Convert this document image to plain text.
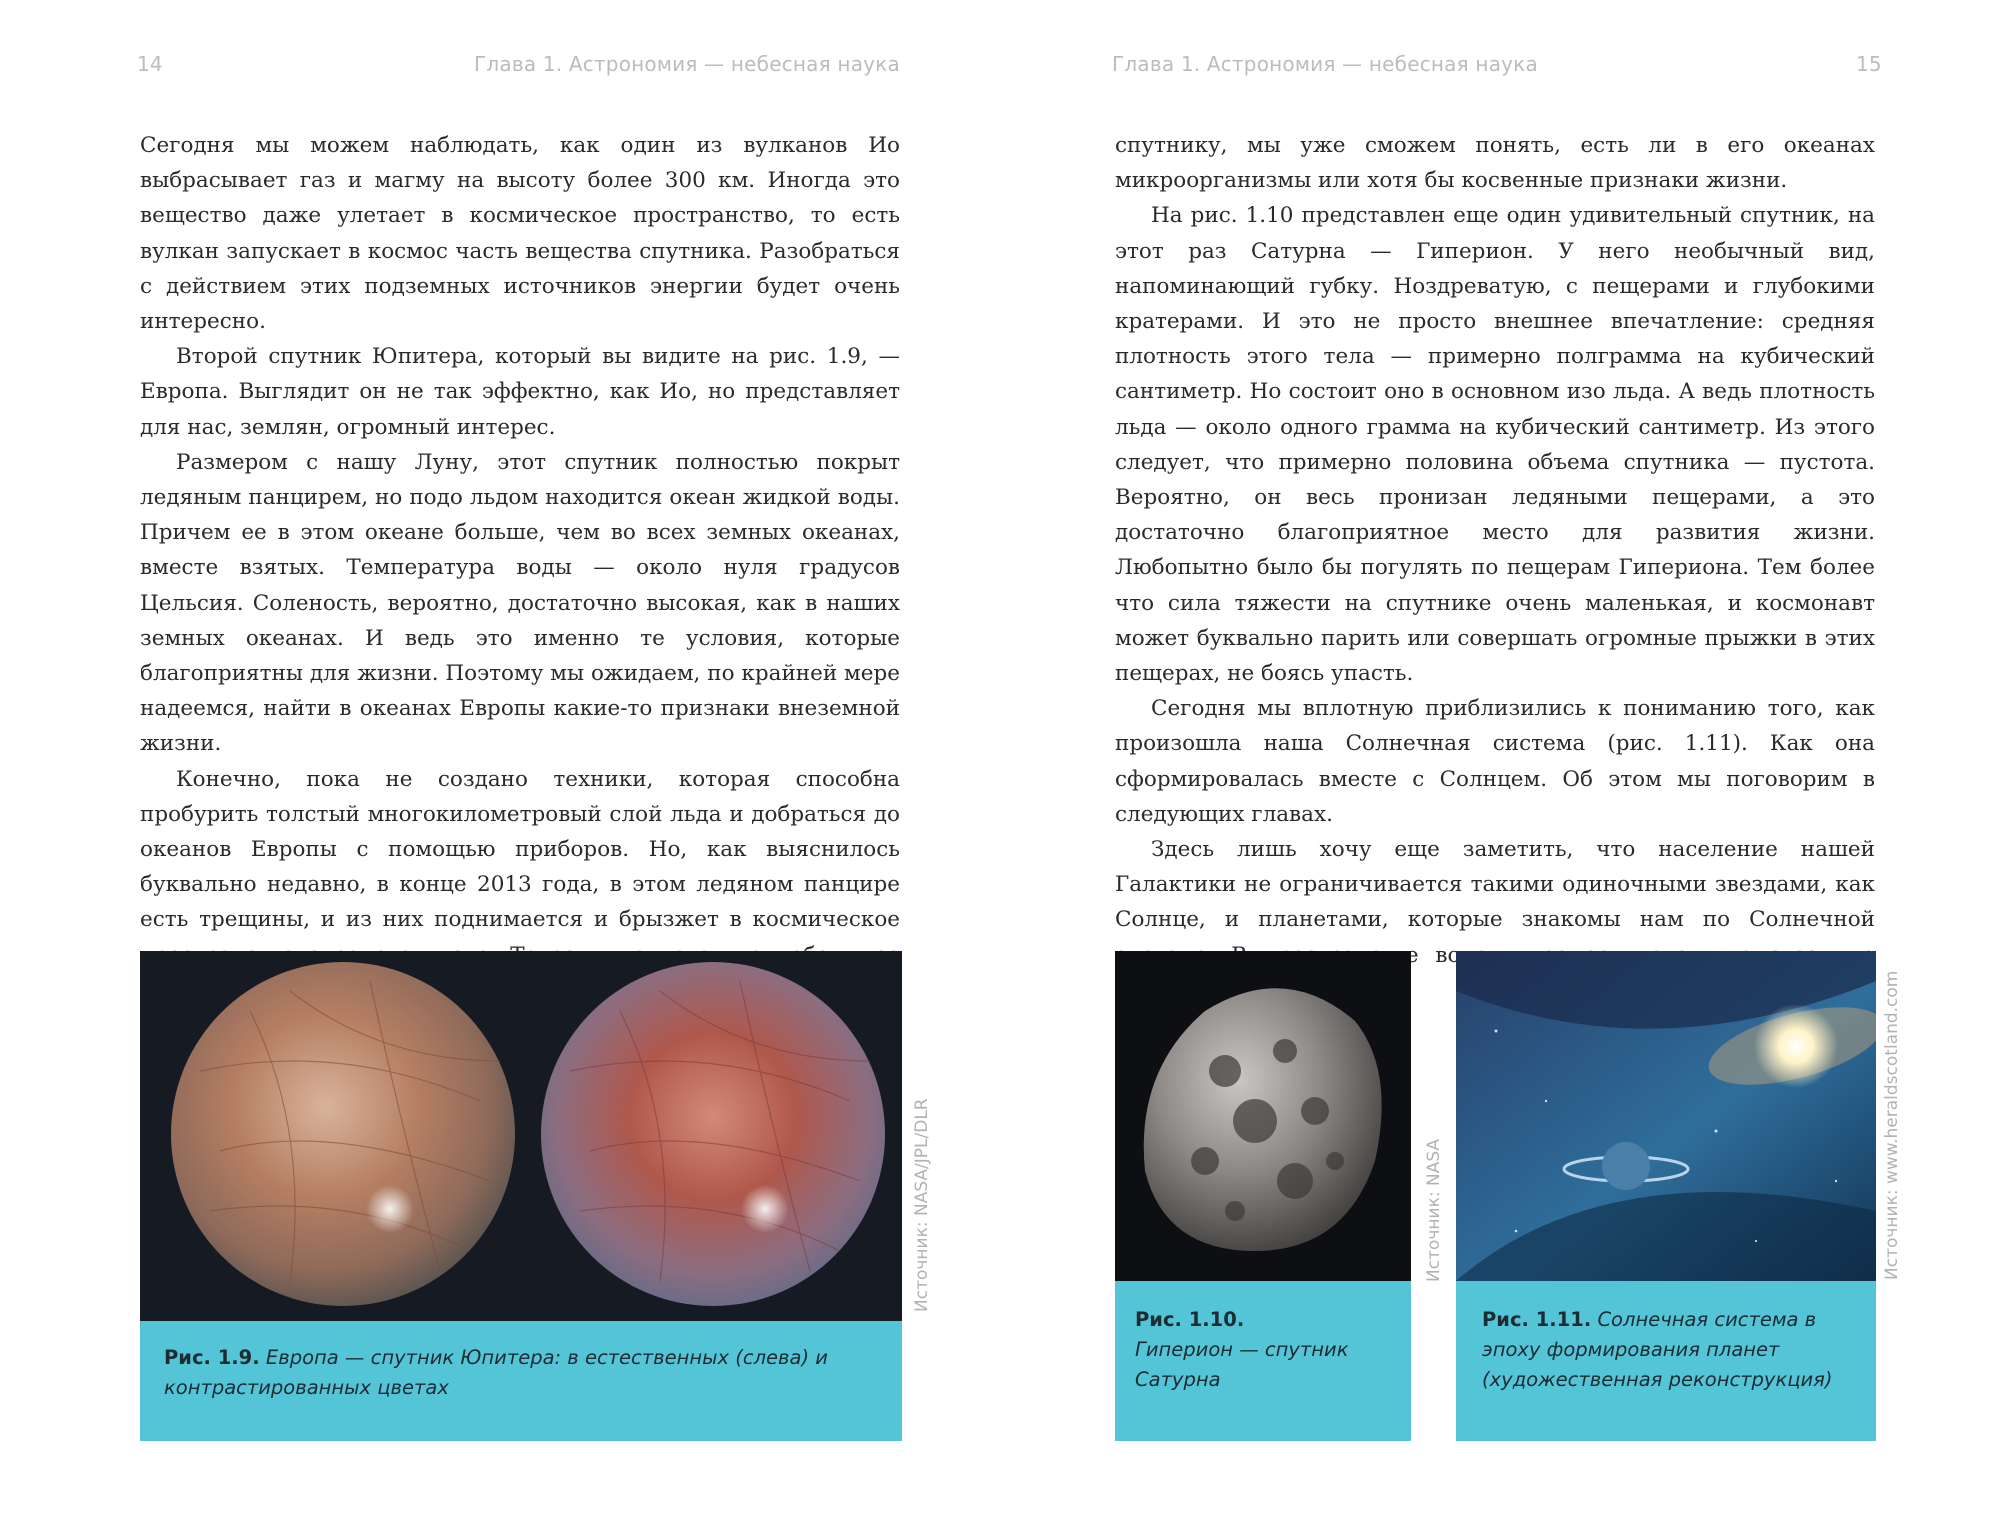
14	Глава 1. Астрономия — небесная наука

Сегодня мы можем наблюдать, как один из вулканов Ио выбрасывает газ и магму на высоту более 300 км. Иногда это вещество даже улетает в космическое пространство, то есть вулкан запускает в космос часть вещества спутника. Разобраться с действием этих подземных источников энергии будет очень интересно.

Второй спутник Юпитера, который вы видите на рис. 1.9, — Европа. Выглядит он не так эффектно, как Ио, но представляет для нас, землян, огромный интерес.

Размером с нашу Луну, этот спутник полностью покрыт ледяным панцирем, но подо льдом находится океан жидкой воды. Причем ее в этом океане больше, чем во всех земных океанах, вместе взятых. Температура воды — около нуля градусов Цельсия. Соленость, вероятно, достаточно высокая, как в наших земных океанах. И ведь это именно те условия, которые благоприятны для жизни. Поэтому мы ожидаем, по крайней мере надеемся, найти в океанах Европы какие-то признаки внеземной жизни.

Конечно, пока не создано техники, которая способна пробурить толстый многокилометровый слой льда и добраться до океанов Европы с помощью приборов. Но, как выяснилось буквально недавно, в конце 2013 года, в этом ледяном панцире есть трещины, и из них поднимается и брызжет в космическое

Рис. 1.9. Европа — спутник Юпитера: в естественных (слева) и контрастированных цветах
Источник: NASA/JPL/DLR
Глава 1. Астрономия — небесная наука	15

спутнику, мы уже сможем понять, есть ли в его океанах микроорганизмы или хотя бы косвенные признаки жизни.

На рис. 1.10 представлен еще один удивительный спутник, на этот раз Сатурна — Гиперион. У него необычный вид, напоминающий губку. Ноздреватую, с пещерами и глубокими кратерами. И это не просто внешнее впечатление: средняя плотность этого тела — примерно полграмма на кубический сантиметр. Но состоит оно в основном изо льда. А ведь плотность льда — около одного грамма на кубический сантиметр. Из этого следует, что примерно половина объема спутника — пустота. Вероятно, он весь пронизан ледяными пещерами, а это достаточно благоприятное место для развития жизни. Любопытно было бы погулять по пещерам Гипериона. Тем более что сила тяжести на спутнике очень маленькая, и космонавт может буквально парить или совершать огромные прыжки в этих пещерах, не боясь упасть.

Сегодня мы вплотную приблизились к пониманию того, как произошла наша Солнечная система (рис. 1.11). Как она сформировалась вместе с Солнцем. Об этом мы поговорим в следующих главах.

Здесь лишь хочу еще заметить, что население нашей Галактики не ограничивается такими одиночными звездами, как Солнце, и планетами, которые знакомы нам по Солнечной

Рис. 1.10.
Гиперион — спутник Сатурна
Источник: NASA
Рис. 1.11. Солнечная система в эпоху формирования планет (художественная реконструкция)
Источник: www.heraldscotland.com
